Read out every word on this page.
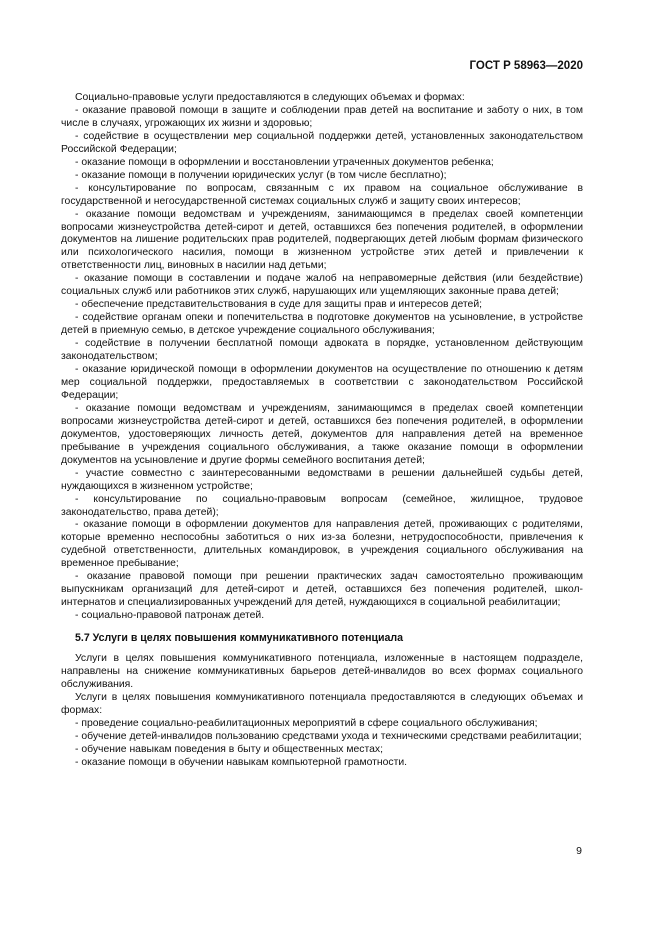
ГОСТ Р 58963—2020

Социально-правовые услуги предоставляются в следующих объемах и формах:

- оказание правовой помощи в защите и соблюдении прав детей на воспитание и заботу о них, в том числе в случаях, угрожающих их жизни и здоровью;

- содействие в осуществлении мер социальной поддержки детей, установленных законодательством Российской Федерации;

- оказание помощи в оформлении и восстановлении утраченных документов ребенка;

- оказание помощи в получении юридических услуг (в том числе бесплатно);

- консультирование по вопросам, связанным с их правом на социальное обслуживание в государственной и негосударственной системах социальных служб и защиту своих интересов;

- оказание помощи ведомствам и учреждениям, занимающимся в пределах своей компетенции вопросами жизнеустройства детей-сирот и детей, оставшихся без попечения родителей, в оформлении документов на лишение родительских прав родителей, подвергающих детей любым формам физического или психологического насилия, помощи в жизненном устройстве этих детей и привлечении к ответственности лиц, виновных в насилии над детьми;

- оказание помощи в составлении и подаче жалоб на неправомерные действия (или бездействие) социальных служб или работников этих служб, нарушающих или ущемляющих законные права детей;

- обеспечение представительствования в суде для защиты прав и интересов детей;

- содействие органам опеки и попечительства в подготовке документов на усыновление, в устройстве детей в приемную семью, в детское учреждение социального обслуживания;

- содействие в получении бесплатной помощи адвоката в порядке, установленном действующим законодательством;

- оказание юридической помощи в оформлении документов на осуществление по отношению к детям мер социальной поддержки, предоставляемых в соответствии с законодательством Российской Федерации;

- оказание помощи ведомствам и учреждениям, занимающимся в пределах своей компетенции вопросами жизнеустройства детей-сирот и детей, оставшихся без попечения родителей, в оформлении документов, удостоверяющих личность детей, документов для направления детей на временное пребывание в учреждения социального обслуживания, а также оказание помощи в оформлении документов на усыновление и другие формы семейного воспитания детей;

- участие совместно с заинтересованными ведомствами в решении дальнейшей судьбы детей, нуждающихся в жизненном устройстве;

- консультирование по социально-правовым вопросам (семейное, жилищное, трудовое законодательство, права детей);

- оказание помощи в оформлении документов для направления детей, проживающих с родителями, которые временно неспособны заботиться о них из-за болезни, нетрудоспособности, привлечения к судебной ответственности, длительных командировок, в учреждения социального обслуживания на временное пребывание;

- оказание правовой помощи при решении практических задач самостоятельно проживающим выпускникам организаций для детей-сирот и детей, оставшихся без попечения родителей, школ-интернатов и специализированных учреждений для детей, нуждающихся в социальной реабилитации;

- социально-правовой патронаж детей.

5.7 Услуги в целях повышения коммуникативного потенциала

Услуги в целях повышения коммуникативного потенциала, изложенные в настоящем подразделе, направлены на снижение коммуникативных барьеров детей-инвалидов во всех формах социального обслуживания.

Услуги в целях повышения коммуникативного потенциала предоставляются в следующих объемах и формах:

- проведение социально-реабилитационных мероприятий в сфере социального обслуживания;

- обучение детей-инвалидов пользованию средствами ухода и техническими средствами реабилитации;

- обучение навыкам поведения в быту и общественных местах;

- оказание помощи в обучении навыкам компьютерной грамотности.

9
